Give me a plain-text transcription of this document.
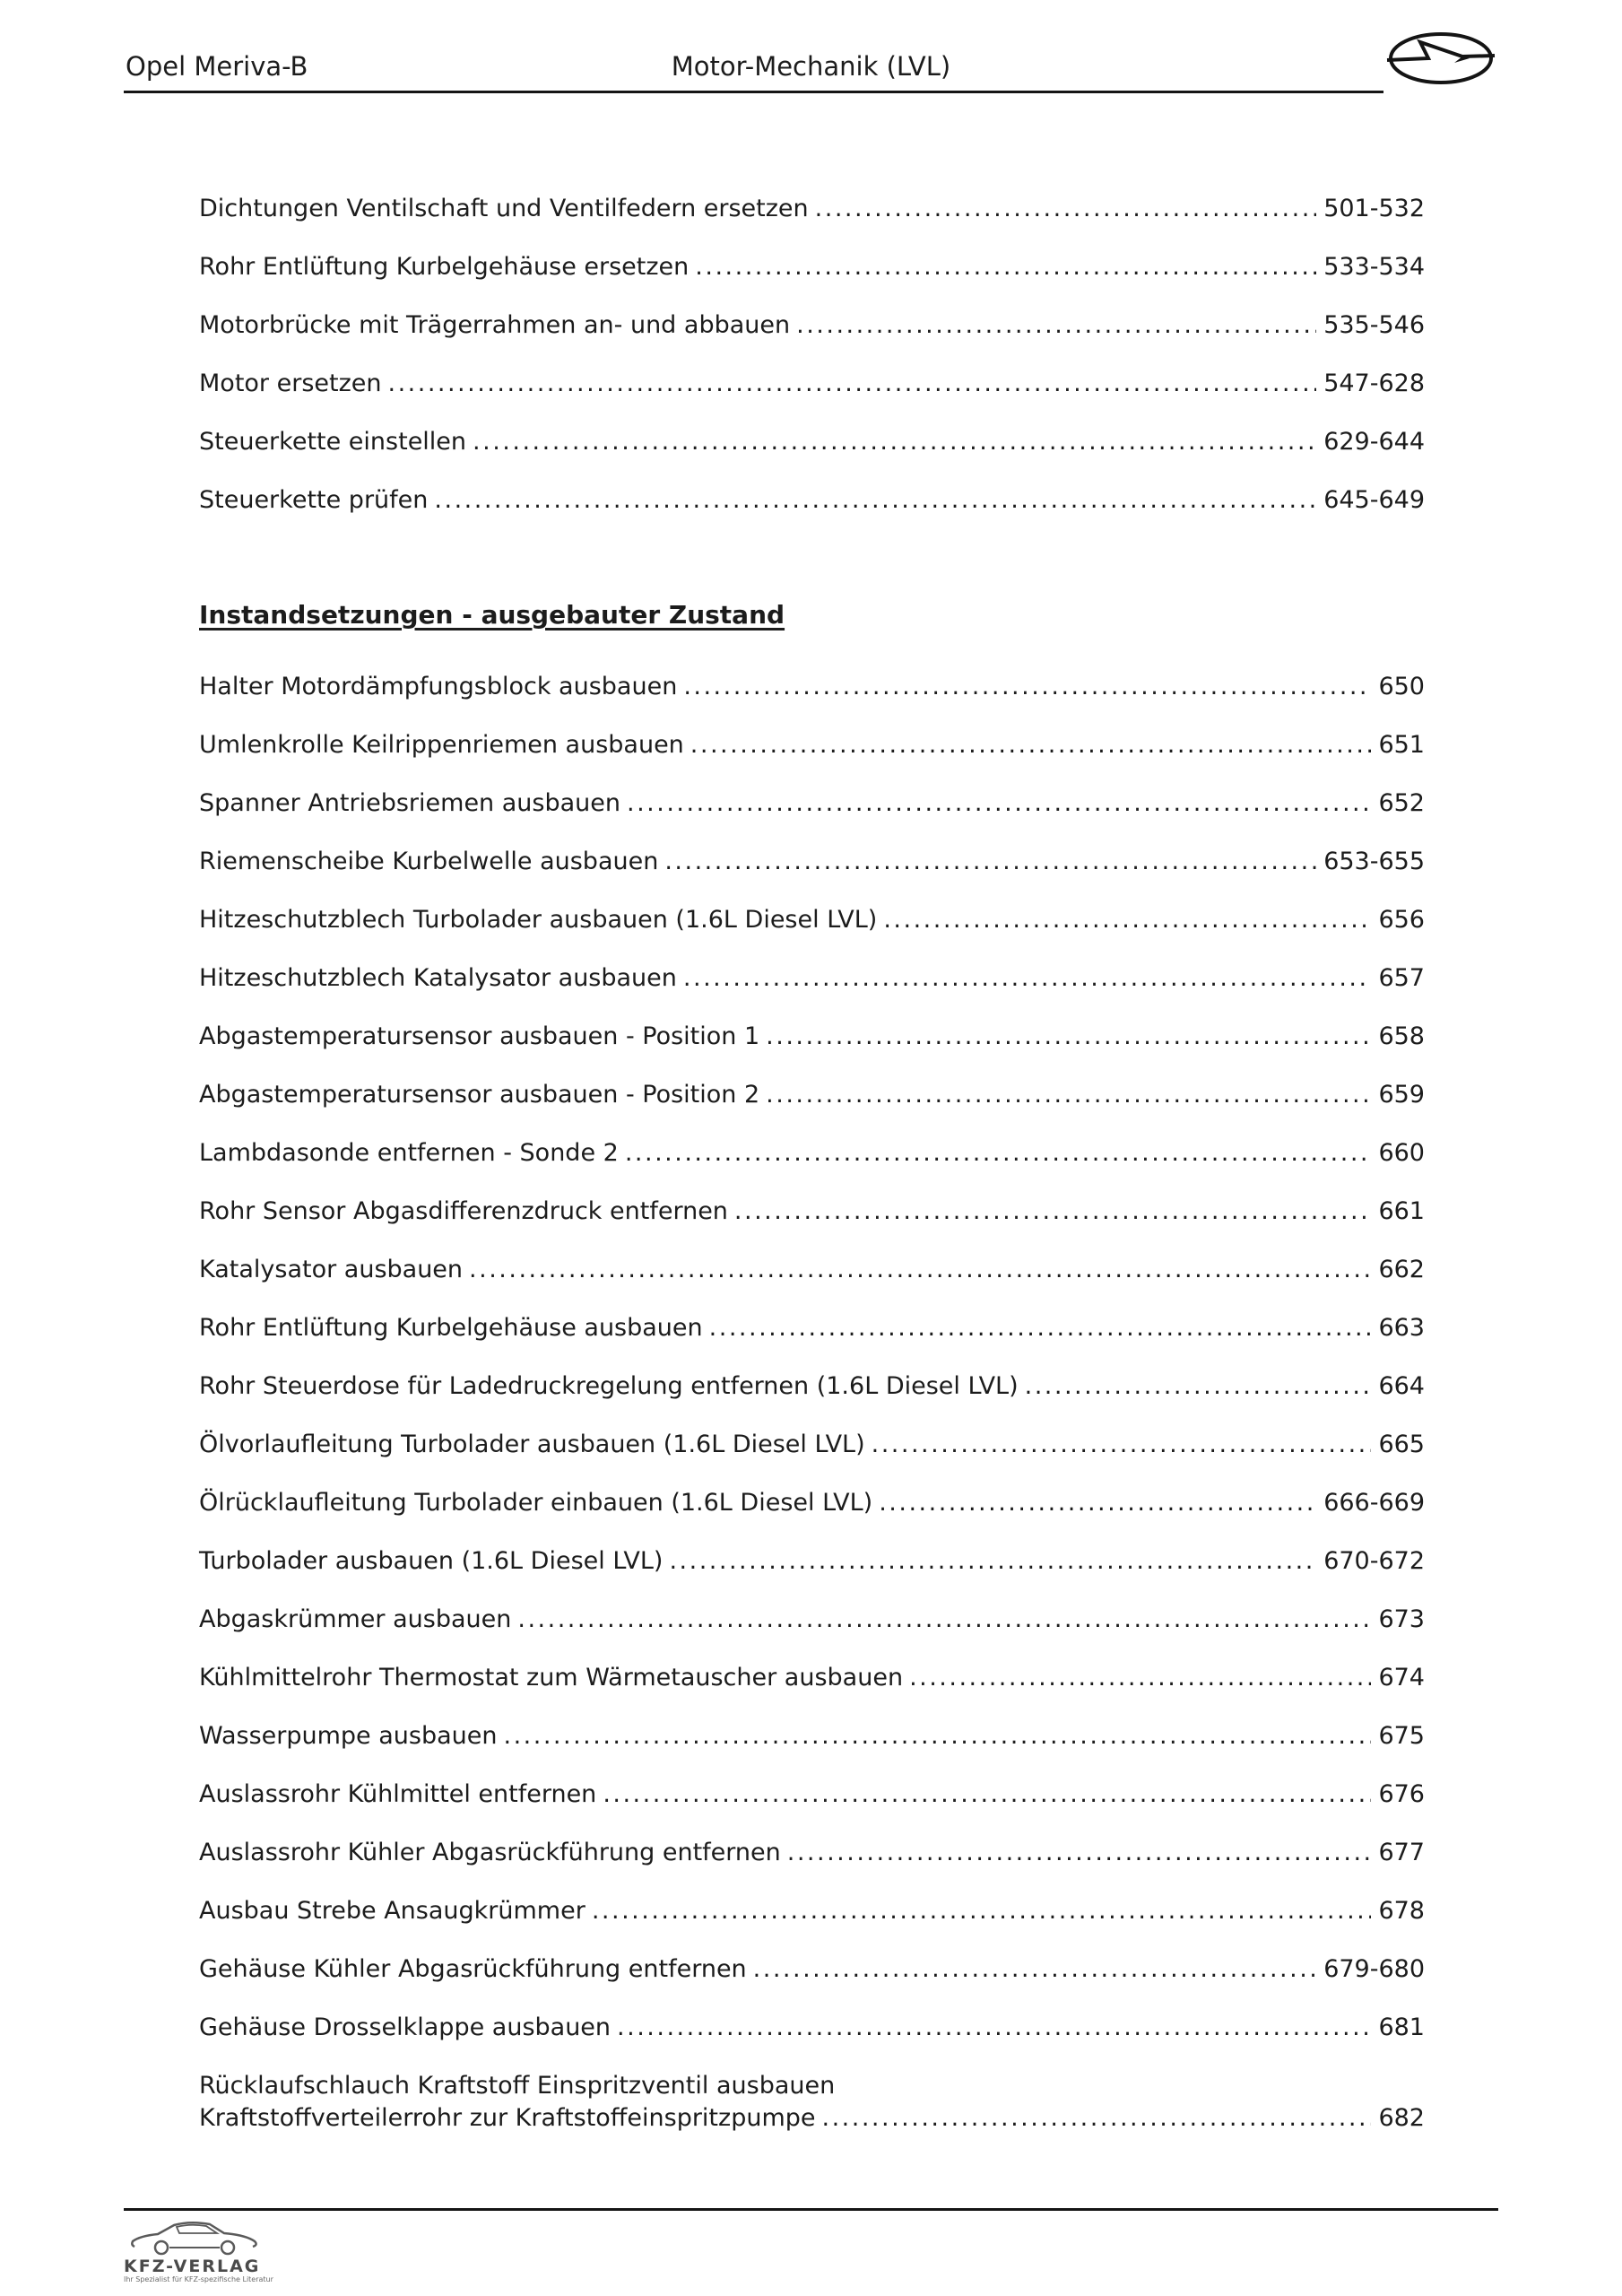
Opel Meriva-B	Motor-Mechanik (LVL)
Dichtungen Ventilschaft und Ventilfedern ersetzen .....	501-532
Rohr Entlüftung Kurbelgehäuse ersetzen .....	533-534
Motorbrücke mit Trägerrahmen an- und abbauen .....	535-546
Motor ersetzen .....	547-628
Steuerkette einstellen .....	629-644
Steuerkette prüfen .....	645-649
Instandsetzungen - ausgebauter Zustand
Halter Motordämpfungsblock ausbauen .....	650
Umlenkrolle Keilrippenriemen ausbauen .....	651
Spanner Antriebsriemen ausbauen .....	652
Riemenscheibe Kurbelwelle ausbauen .....	653-655
Hitzeschutzblech Turbolader ausbauen (1.6L Diesel LVL) .....	656
Hitzeschutzblech Katalysator ausbauen .....	657
Abgastemperatursensor ausbauen - Position 1 .....	658
Abgastemperatursensor ausbauen - Position 2 .....	659
Lambdasonde entfernen - Sonde 2 .....	660
Rohr Sensor Abgasdifferenzdruck entfernen .....	661
Katalysator ausbauen .....	662
Rohr Entlüftung Kurbelgehäuse ausbauen .....	663
Rohr Steuerdose für Ladedruckregelung entfernen (1.6L Diesel LVL) .....	664
Ölvorlaufleitung Turbolader ausbauen (1.6L Diesel LVL) .....	665
Ölrücklaufleitung Turbolader einbauen (1.6L Diesel LVL) .....	666-669
Turbolader ausbauen (1.6L Diesel LVL) .....	670-672
Abgaskrümmer ausbauen .....	673
Kühlmittelrohr Thermostat zum Wärmetauscher ausbauen .....	674
Wasserpumpe ausbauen .....	675
Auslassrohr Kühlmittel entfernen .....	676
Auslassrohr Kühler Abgasrückführung entfernen .....	677
Ausbau Strebe Ansaugkrümmer .....	678
Gehäuse Kühler Abgasrückführung entfernen .....	679-680
Gehäuse Drosselklappe ausbauen .....	681
Rücklaufschlauch Kraftstoff Einspritzventil ausbauen
Kraftstoffverteilerrohr zur Kraftstoffeinspritzpumpe .....	682
KFZ-VERLAG
Ihr Spezialist für KFZ-spezifische Literatur
